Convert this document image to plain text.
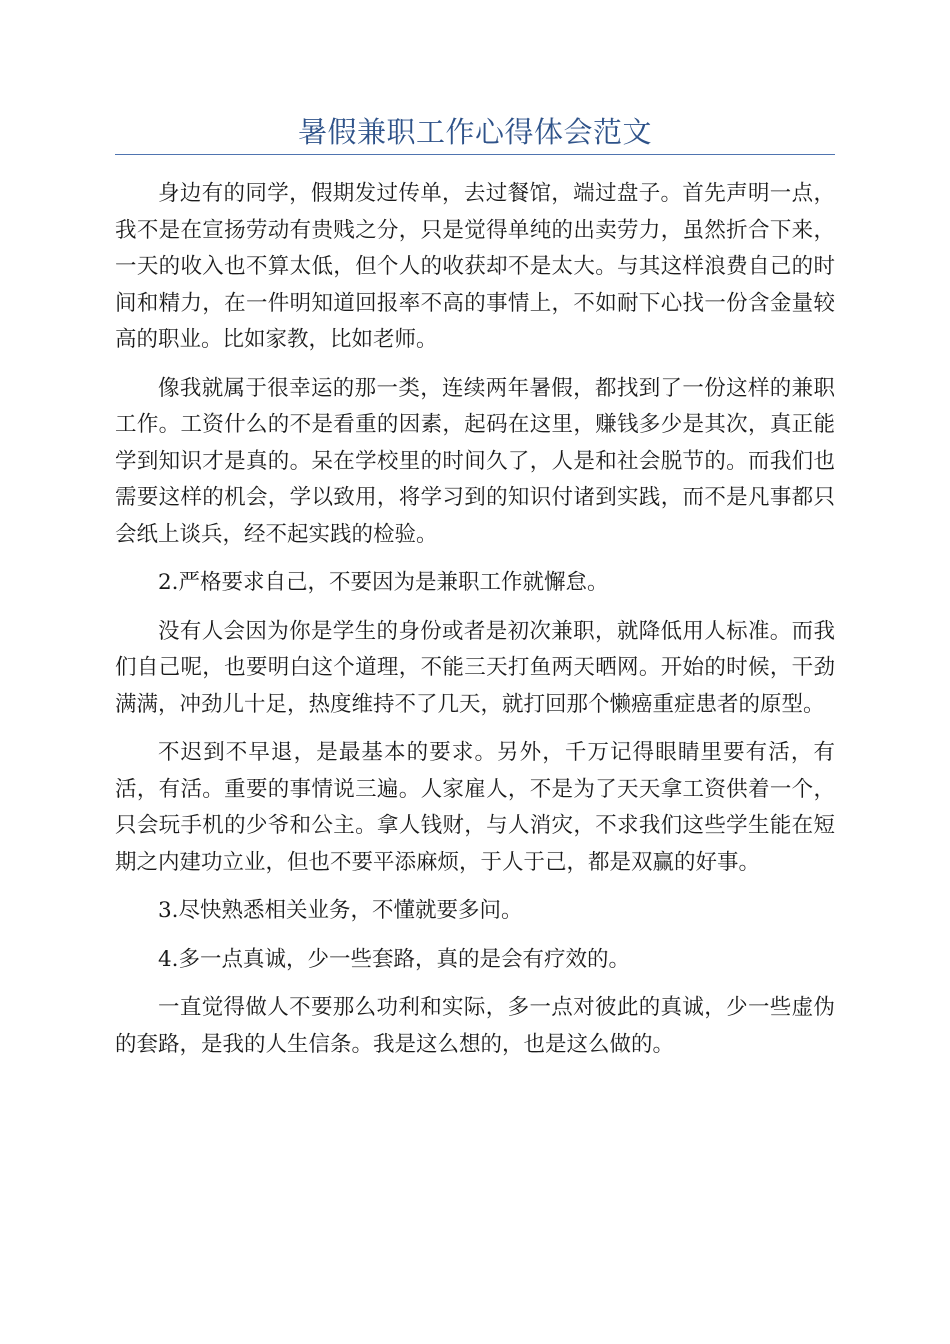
暑假兼职工作心得体会范文

身边有的同学，假期发过传单，去过餐馆，端过盘子。首先声明一点，我不是在宣扬劳动有贵贱之分，只是觉得单纯的出卖劳力，虽然折合下来，一天的收入也不算太低，但个人的收获却不是太大。与其这样浪费自己的时间和精力，在一件明知道回报率不高的事情上，不如耐下心找一份含金量较高的职业。比如家教，比如老师。

像我就属于很幸运的那一类，连续两年暑假，都找到了一份这样的兼职工作。工资什么的不是看重的因素，起码在这里，赚钱多少是其次，真正能学到知识才是真的。呆在学校里的时间久了，人是和社会脱节的。而我们也需要这样的机会，学以致用，将学习到的知识付诸到实践，而不是凡事都只会纸上谈兵，经不起实践的检验。

2.严格要求自己，不要因为是兼职工作就懈怠。

没有人会因为你是学生的身份或者是初次兼职，就降低用人标准。而我们自己呢，也要明白这个道理，不能三天打鱼两天晒网。开始的时候，干劲满满，冲劲儿十足，热度维持不了几天，就打回那个懒癌重症患者的原型。

不迟到不早退，是最基本的要求。另外，千万记得眼睛里要有活，有活，有活。重要的事情说三遍。人家雇人，不是为了天天拿工资供着一个，只会玩手机的少爷和公主。拿人钱财，与人消灾，不求我们这些学生能在短期之内建功立业，但也不要平添麻烦，于人于己，都是双赢的好事。

3.尽快熟悉相关业务，不懂就要多问。

4.多一点真诚，少一些套路，真的是会有疗效的。

一直觉得做人不要那么功利和实际，多一点对彼此的真诚，少一些虚伪的套路，是我的人生信条。我是这么想的，也是这么做的。
